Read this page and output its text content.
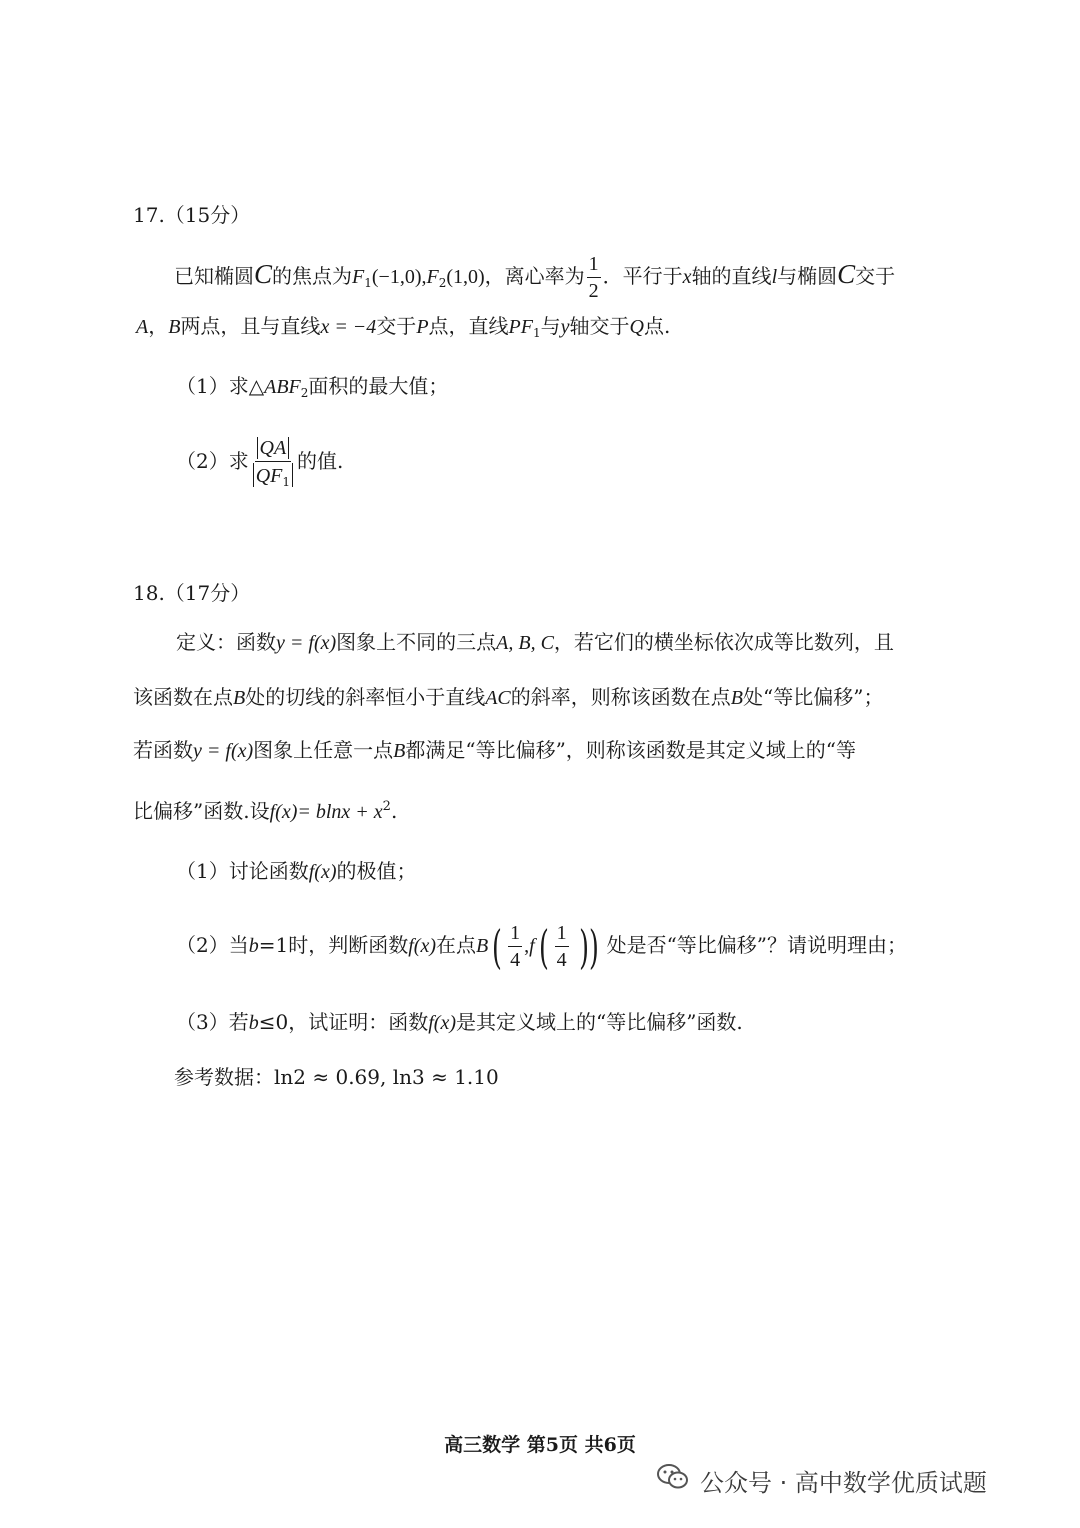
17.（15分）
已知椭圆C的焦点为$F_1(-1,0),F_2(1,0)$，离心率为 $\frac{1}{2}$ ．平行于x轴的直线l与椭圆C交于
A，B两点，且与直线x = −4交于P点，直线$PF_1$与y轴交于Q点.
（1）求$\triangle ABF_2$面积的最大值；
（2）求 $\frac{QA}{QF_1}$ 的值.
18.（17分）
定义：函数y = f(x)图象上不同的三点A, B, C，若它们的横坐标依次成等比数列，且
该函数在点B处的切线的斜率恒小于直线AC的斜率，则称该函数在点B处“等比偏移”；
若函数y = f(x)图象上任意一点B都满足“等比偏移”，则称该函数是其定义域上的“等
比偏移”函数.设$f(x)= blnx + x^2$.
（1）讨论函数f(x)的极值；
（2）当b=1时，判断函数f(x)在点$B( \frac{1}{4} ,f( \frac{1}{4}$ )) 处是否“等比偏移”？请说明理由；
（3）若b≤0，试证明：函数f(x)是其定义域上的“等比偏移”函数.
参考数据：ln2 ≈ 0.69, ln3 ≈ 1.10
高三数学 第5页 共6页
公众号 · 高中数学优质试题
